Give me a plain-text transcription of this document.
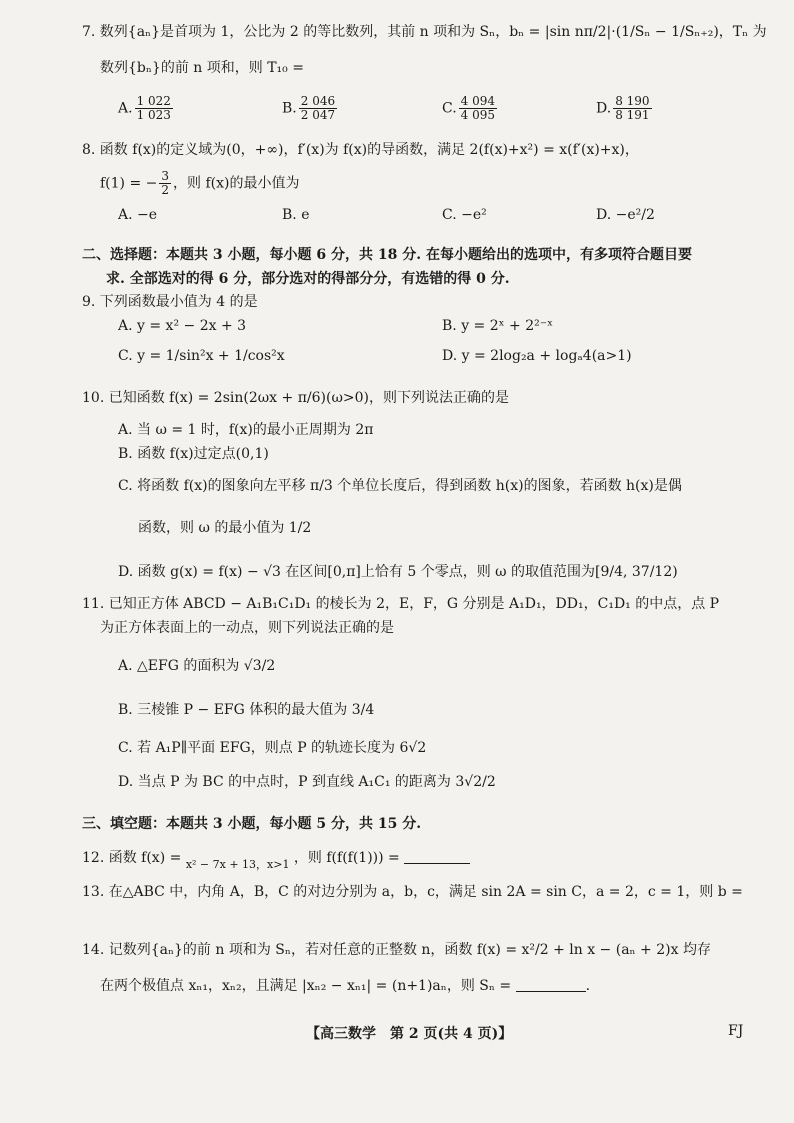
7. 数列{aₙ}是首项为 1，公比为 2 的等比数列，其前 n 项和为 Sₙ，bₙ = |sin nπ/2|·(1/Sₙ − 1/Sₙ₊₂)，Tₙ 为
数列{bₙ}的前 n 项和，则 T₁₀ =
A. $\frac{1 022}{1 023}$	B. $\frac{2 046}{2 047}$	C. $\frac{4 094}{4 095}$	D. $\frac{8 190}{8 191}$
8. 函数 f(x)的定义域为(0，+∞)，f′(x)为 f(x)的导函数，满足 2(f(x)+x²) = x(f′(x)+x)，
f(1) = − $\frac{3}{2}$ ，则 f(x)的最小值为
A. −e	B. e	C. −e²	D. −e²/2
二、选择题：本题共 3 小题，每小题 6 分，共 18 分. 在每小题给出的选项中，有多项符合题目要
求. 全部选对的得 6 分，部分选对的得部分分，有选错的得 0 分.
9. 下列函数最小值为 4 的是
A. y = x² − 2x + 3	B. y = 2ˣ + 2²⁻ˣ
C. y = 1/sin²x + 1/cos²x	D. y = 2log₂a + logₐ4(a>1)
10. 已知函数 f(x) = 2sin(2ωx + π/6)(ω>0)，则下列说法正确的是
A. 当 ω = 1 时，f(x)的最小正周期为 2π
B. 函数 f(x)过定点(0,1)
C. 将函数 f(x)的图象向左平移 π/3 个单位长度后，得到函数 h(x)的图象，若函数 h(x)是偶
函数，则 ω 的最小值为 1/2
D. 函数 g(x) = f(x) − √3 在区间[0,π]上恰有 5 个零点，则 ω 的取值范围为[9/4, 37/12)
11. 已知正方体 ABCD − A₁B₁C₁D₁ 的棱长为 2，E，F，G 分别是 A₁D₁，DD₁，C₁D₁ 的中点，点 P
为正方体表面上的一动点，则下列说法正确的是
A. △EFG 的面积为 √3/2
B. 三棱锥 P − EFG 体积的最大值为 3/4
C. 若 A₁P∥平面 EFG，则点 P 的轨迹长度为 6√2
D. 当点 P 为 BC 的中点时，P 到直线 A₁C₁ 的距离为 3√2/2
三、填空题：本题共 3 小题，每小题 5 分，共 15 分.
12. 函数 f(x) = $_{x^2 - 7x + 13,x>1}$ ，则 f(f(f(1))) =
13. 在△ABC 中，内角 A，B，C 的对边分别为 a，b，c，满足 sin 2A = sin C，a = 2，c = 1，则 b =
14. 记数列{aₙ}的前 n 项和为 Sₙ，若对任意的正整数 n，函数 f(x) = x²/2 + ln x − (aₙ + 2)x 均存
在两个极值点 xₙ₁，xₙ₂，且满足 |xₙ₂ − xₙ₁| = (n+1)aₙ，则 Sₙ =	.
【高三数学　第 2 页(共 4 页)】	FJ
